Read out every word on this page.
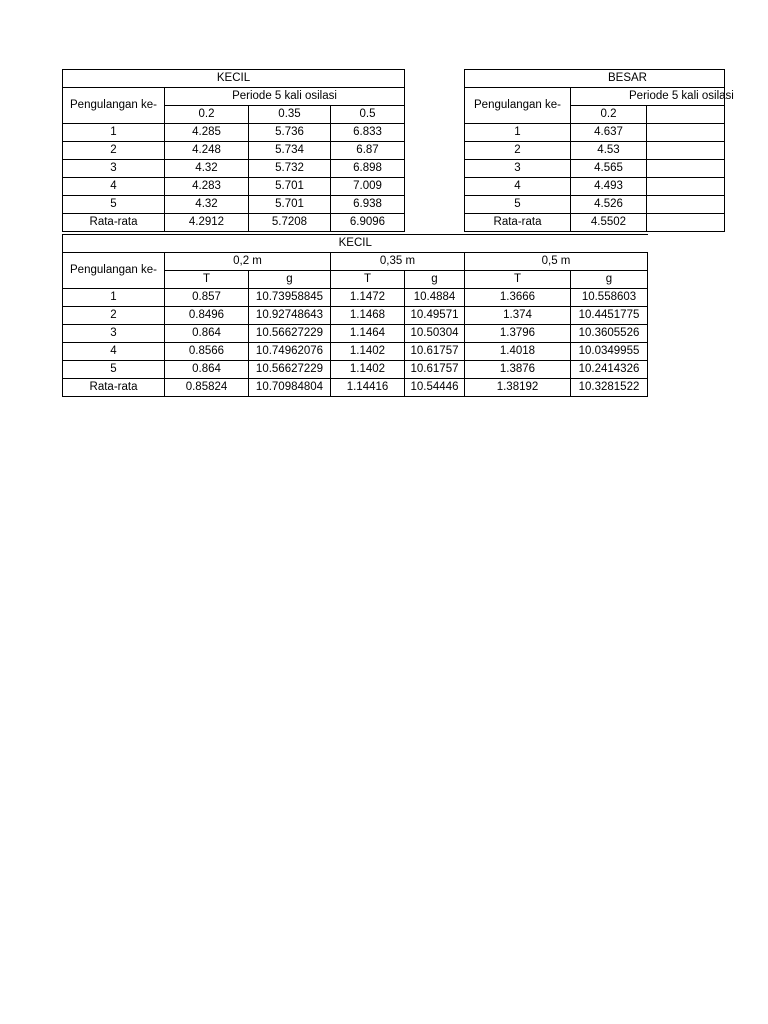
KECIL			
Pengulangan ke-	Periode 5 kali osilasi		
	0.2	0.35	0.5
1	4.285	5.736	6.833
2	4.248	5.734	6.87
3	4.32	5.732	6.898
4	4.283	5.701	7.009
5	4.32	5.701	6.938
Rata-rata	4.2912	5.7208	6.9096
BESAR		
Pengulangan ke-	Periode 5 kali osilasi	
	0.2	
1	4.637	
2	4.53	
3	4.565	
4	4.493	
5	4.526	
Rata-rata	4.5502	
KECIL						
Pengulangan ke-	0,2 m		0,35 m		0,5 m	
	T	g	T	g	T	g
1	0.857	10.73958845	1.1472	10.4884	1.3666	10.558603
2	0.8496	10.92748643	1.1468	10.49571	1.374	10.4451775
3	0.864	10.56627229	1.1464	10.50304	1.3796	10.3605526
4	0.8566	10.74962076	1.1402	10.61757	1.4018	10.0349955
5	0.864	10.56627229	1.1402	10.61757	1.3876	10.2414326
Rata-rata	0.85824	10.70984804	1.14416	10.54446	1.38192	10.3281522
